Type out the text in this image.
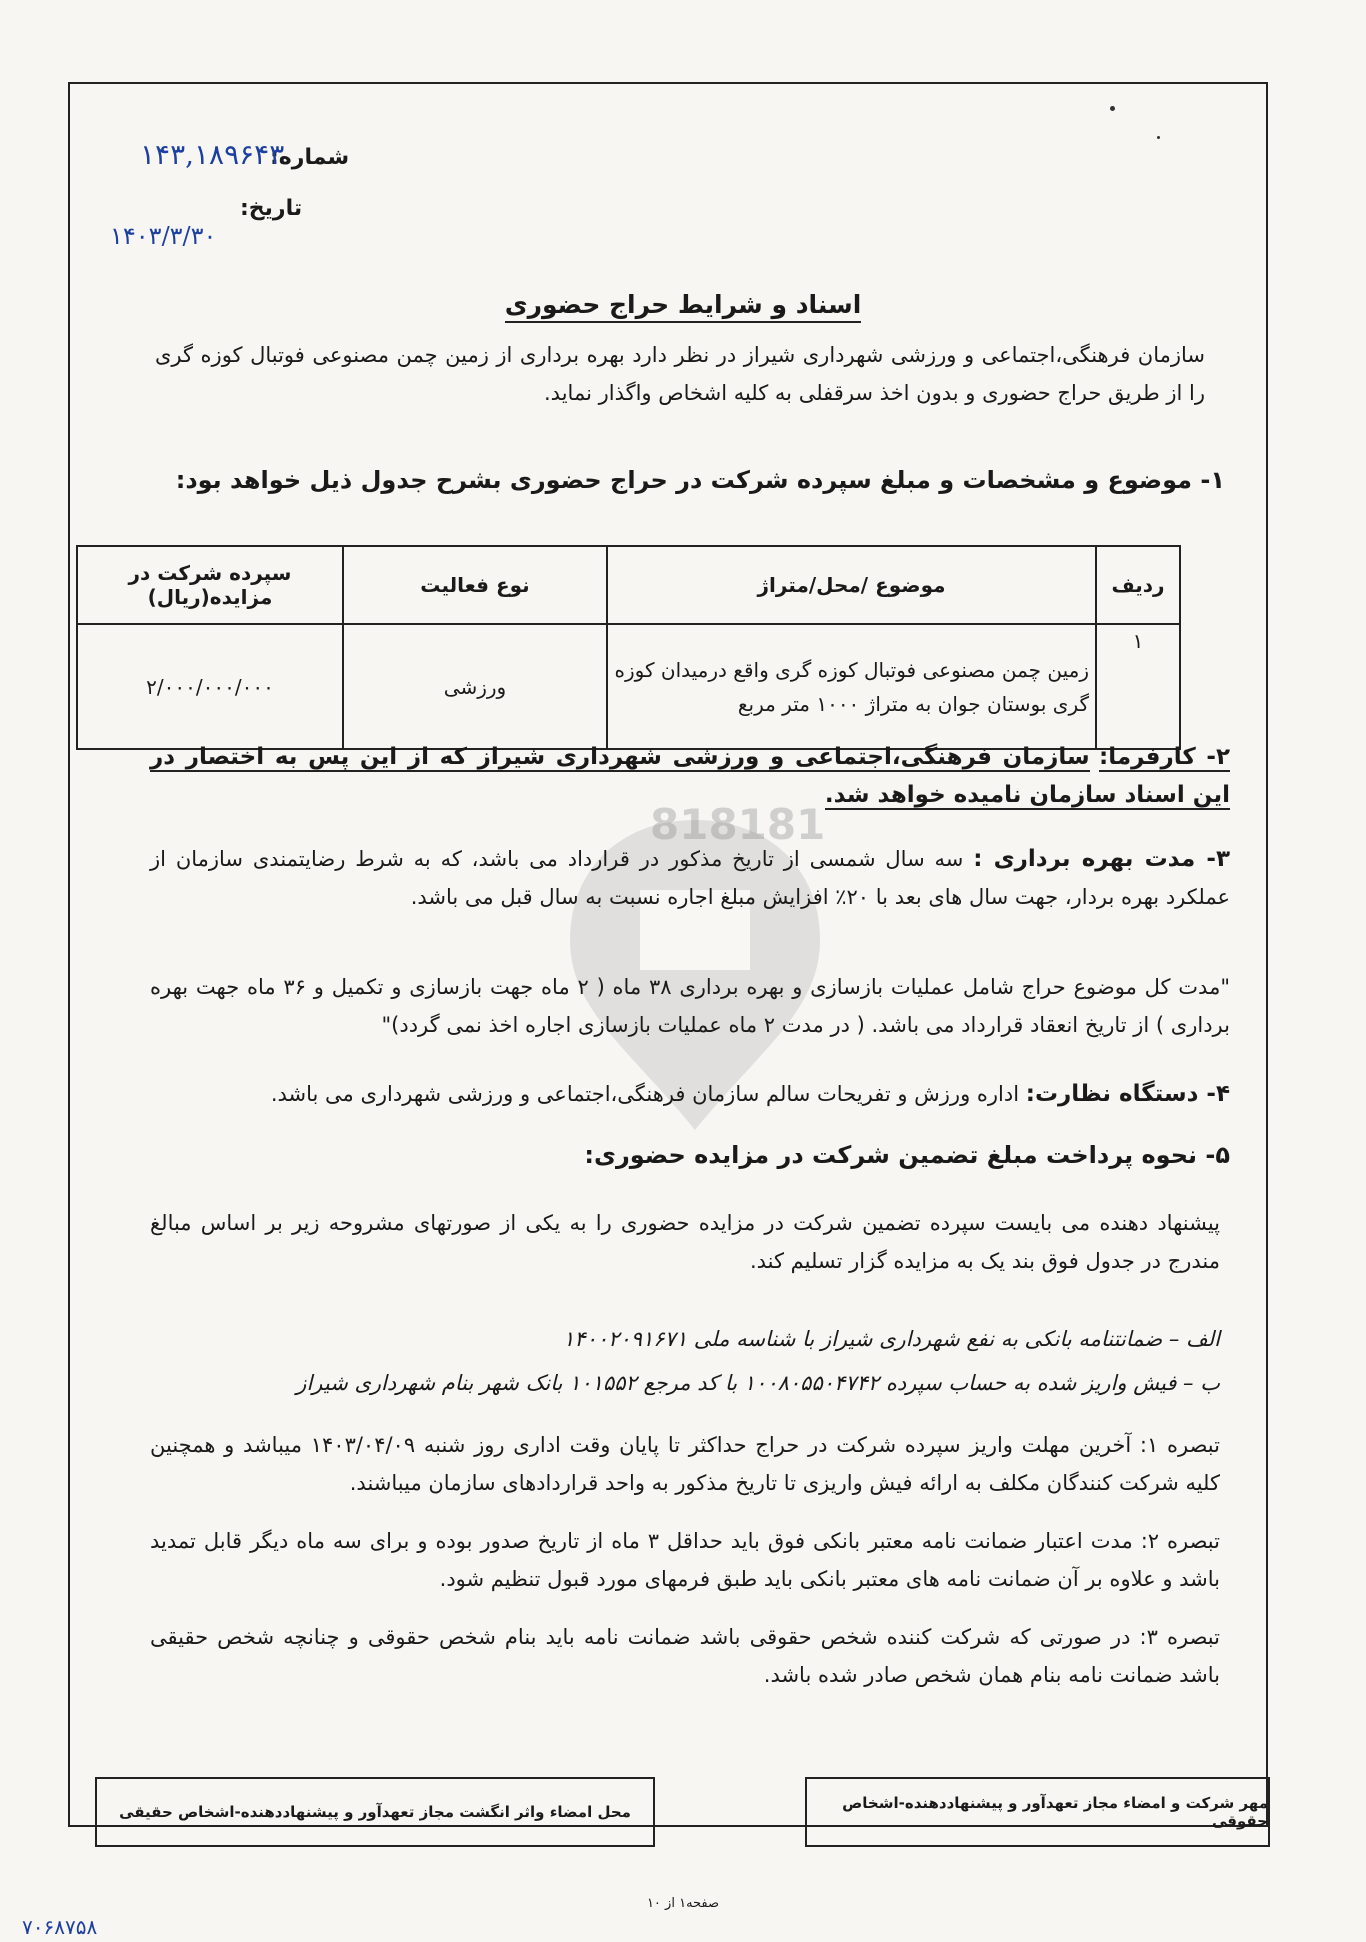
شماره:
۱۴۳,۱۸۹۶۴۳
تاریخ:
۱۴۰۳/۳/۳۰
اسناد و شرایط حراج حضوری
سازمان فرهنگی،اجتماعی و ورزشی شهرداری شیراز در نظر دارد بهره برداری از زمین چمن مصنوعی فوتبال کوزه گری را از طریق حراج حضوری و بدون اخذ سرقفلی به کلیه اشخاص واگذار نماید.
۱- موضوع و مشخصات و مبلغ سپرده شرکت در حراج حضوری بشرح جدول ذیل خواهد بود:
ردیف	موضوع /محل/متراژ	نوع فعالیت	سپرده شرکت در مزایده(ریال)
۱	زمین چمن مصنوعی فوتبال کوزه گری واقع درمیدان کوزه گری بوستان جوان به متراژ ۱۰۰۰ متر مربع	ورزشی	۲/۰۰۰/۰۰۰/۰۰۰
818181
۲- کارفرما: سازمان فرهنگی،اجتماعی و ورزشی شهرداری شیراز که از این پس به اختصار در این اسناد سازمان نامیده خواهد شد.
۳- مدت بهره برداری : سه سال شمسی از تاریخ مذکور در قرارداد می باشد، که به شرط رضایتمندی سازمان از عملکرد بهره بردار، جهت سال های بعد با ۲۰٪ افزایش مبلغ اجاره نسبت به سال قبل می باشد.
"مدت کل موضوع حراج شامل عملیات بازسازی و بهره برداری ۳۸ ماه ( ۲ ماه جهت بازسازی و تکمیل و ۳۶ ماه جهت بهره برداری ) از تاریخ انعقاد قرارداد می باشد. ( در مدت ۲ ماه عملیات بازسازی اجاره اخذ نمی گردد)"
۴- دستگاه نظارت: اداره ورزش و تفریحات سالم سازمان فرهنگی،اجتماعی و ورزشی شهرداری می باشد.
۵- نحوه پرداخت مبلغ تضمین شرکت در مزایده حضوری:
پیشنهاد دهنده می بایست سپرده تضمین شرکت در مزایده حضوری را به یکی از صورتهای مشروحه زیر بر اساس مبالغ مندرج در جدول فوق بند یک به مزایده گزار تسلیم کند.
الف – ضمانتنامه بانکی به نفع شهرداری شیراز با شناسه ملی ۱۴۰۰۲۰۹۱۶۷۱
ب – فیش واریز شده به حساب سپرده ۱۰۰۸۰۵۵۰۴۷۴۲ با کد مرجع ۱۰۱۵۵۲ بانک شهر بنام شهرداری شیراز
تبصره ۱: آخرین مهلت واریز سپرده شرکت در حراج حداکثر تا پایان وقت اداری روز شنبه ۱۴۰۳/۰۴/۰۹ میباشد و همچنین کلیه شرکت کنندگان مکلف به ارائه فیش واریزی تا تاریخ مذکور به واحد قراردادهای سازمان میباشند.
تبصره ۲: مدت اعتبار ضمانت نامه معتبر بانکی فوق باید حداقل ۳ ماه از تاریخ صدور بوده و برای سه ماه دیگر قابل تمدید باشد و علاوه بر آن ضمانت نامه های معتبر بانکی باید طبق فرمهای مورد قبول تنظیم شود.
تبصره ۳: در صورتی که شرکت کننده شخص حقوقی باشد ضمانت نامه باید بنام شخص حقوقی و چنانچه شخص حقیقی باشد ضمانت نامه بنام همان شخص صادر شده باشد.
مهر شرکت و امضاء مجاز تعهدآور و پیشنهاددهنده-اشخاص حقوقی
محل امضاء واثر انگشت مجاز تعهدآور و پیشنهاددهنده-اشخاص حقیقی
صفحه۱ از ۱۰
۷۰۶۸۷۵۸
